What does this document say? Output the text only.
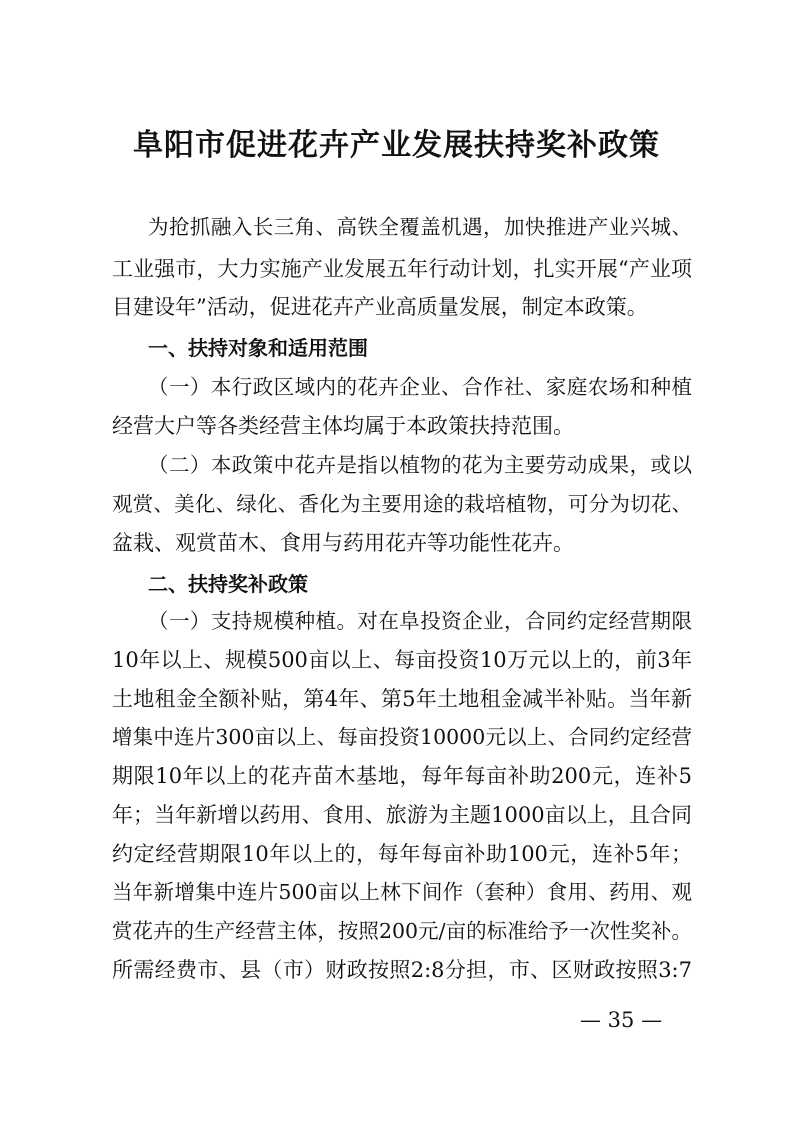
阜阳市促进花卉产业发展扶持奖补政策
为抢抓融入长三角、高铁全覆盖机遇，加快推进产业兴城、
工业强市，大力实施产业发展五年行动计划，扎实开展“产业项
目建设年”活动，促进花卉产业高质量发展，制定本政策。
一、扶持对象和适用范围
（一）本行政区域内的花卉企业、合作社、家庭农场和种植
经营大户等各类经营主体均属于本政策扶持范围。
（二）本政策中花卉是指以植物的花为主要劳动成果，或以
观赏、美化、绿化、香化为主要用途的栽培植物，可分为切花、
盆栽、观赏苗木、食用与药用花卉等功能性花卉。
二、扶持奖补政策
（一）支持规模种植。对在阜投资企业，合同约定经营期限
10年以上、规模500亩以上、每亩投资10万元以上的，前3年
土地租金全额补贴，第4年、第5年土地租金减半补贴。当年新
增集中连片300亩以上、每亩投资10000元以上、合同约定经营
期限10年以上的花卉苗木基地，每年每亩补助200元，连补5
年；当年新增以药用、食用、旅游为主题1000亩以上，且合同
约定经营期限10年以上的，每年每亩补助100元，连补5年；
当年新增集中连片500亩以上林下间作（套种）食用、药用、观
赏花卉的生产经营主体，按照200元/亩的标准给予一次性奖补。
所需经费市、县（市）财政按照2:8分担，市、区财政按照3:7
— 35 —
